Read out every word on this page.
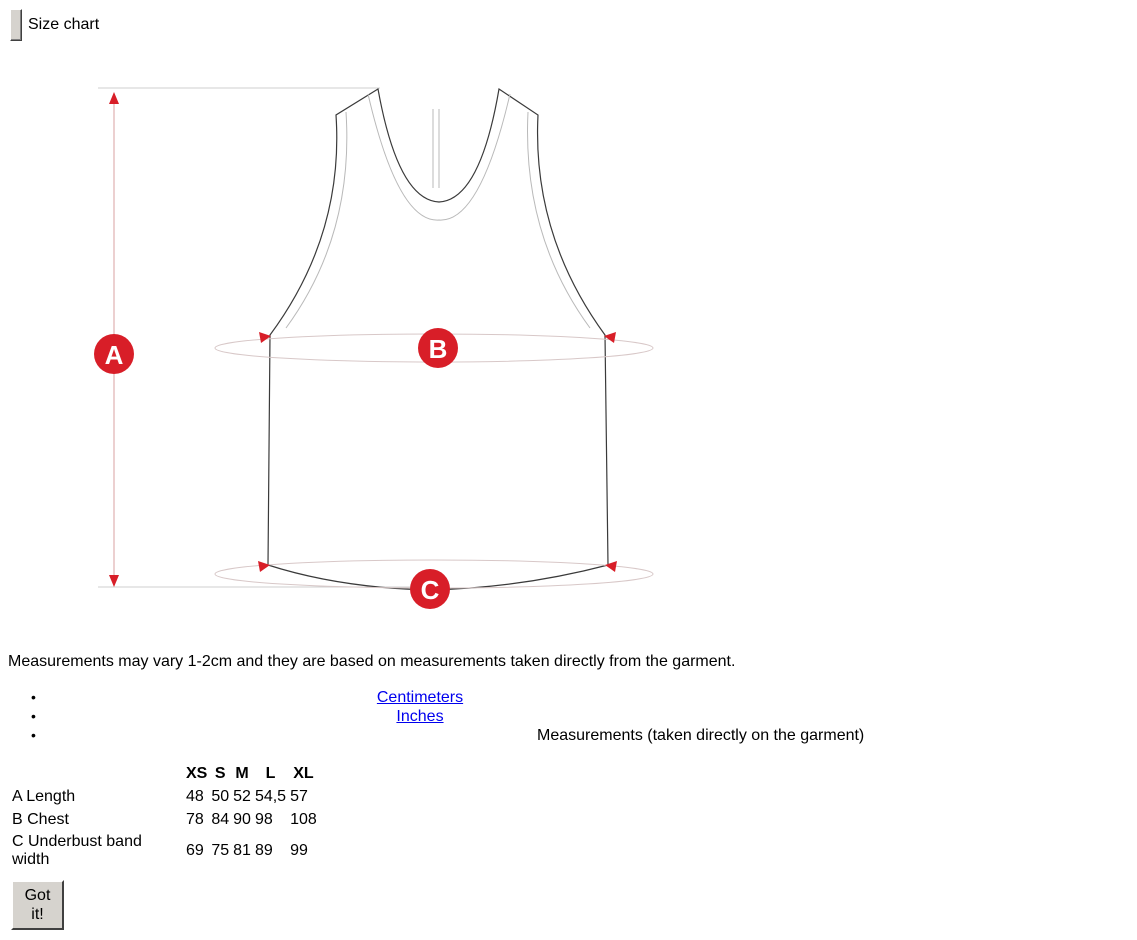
Size chart
A	B
C
Measurements may vary 1-2cm and they are based on measurements taken directly from the garment.
• Centimeters
• Inches
• Measurements (taken directly on the garment)
	XS	S	M	L	XL
A Length	48	50	52	54,5	57
B Chest	78	84	90	98	108
C Underbust band width	69	75	81	89	99
Got it!
